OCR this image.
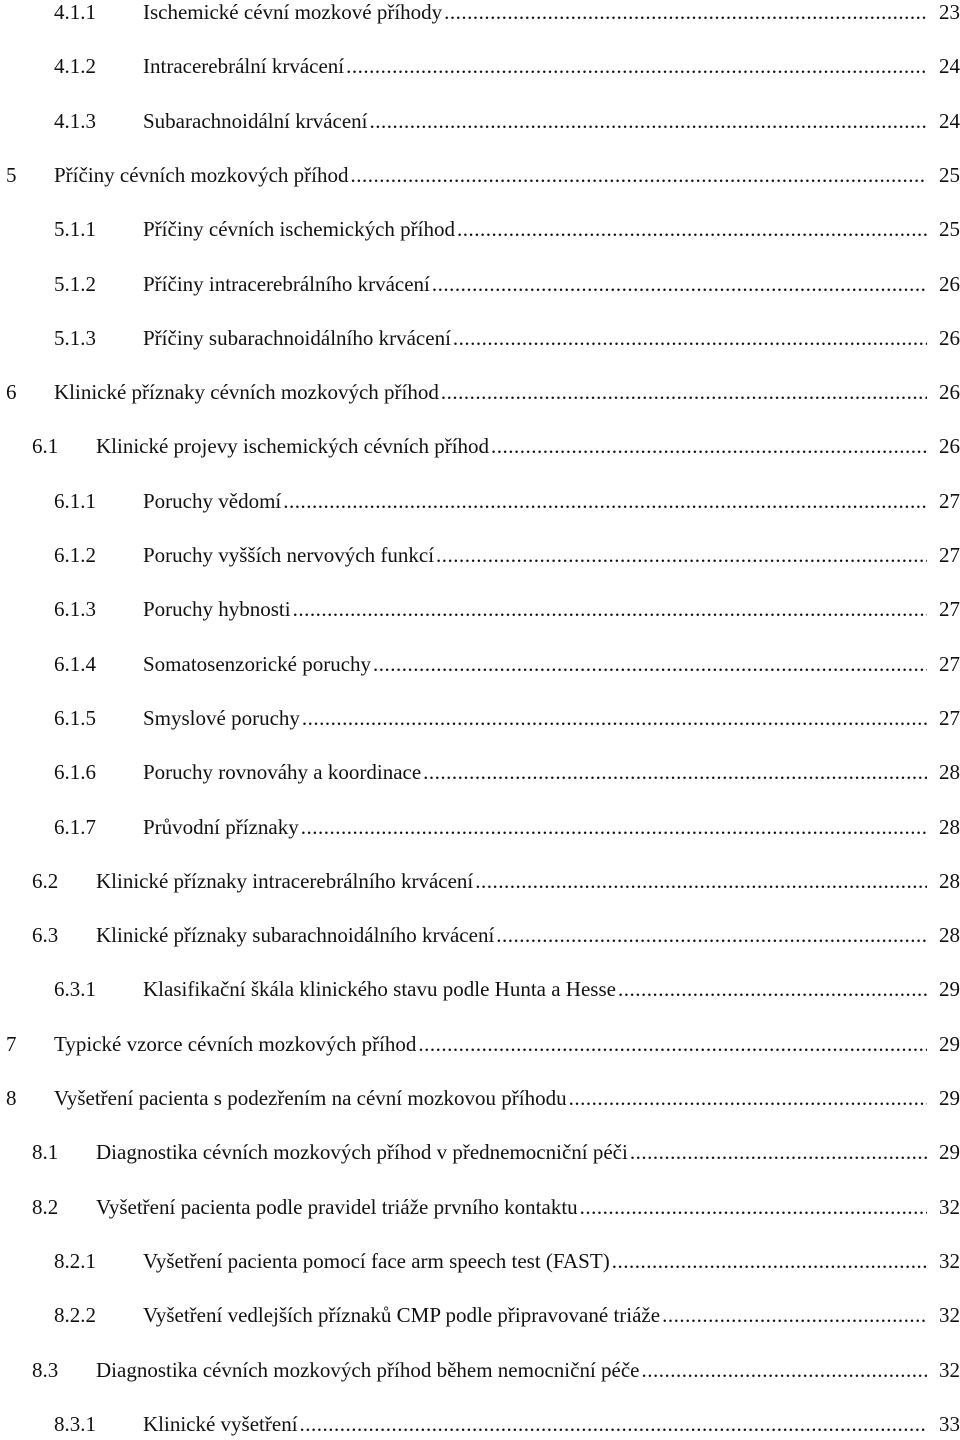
4.1.1 Ischemické cévní mozkové příhody .....	23
4.1.2 Intracerebrální krvácení .....	24
4.1.3 Subarachnoidální krvácení .....	24
5 Příčiny cévních mozkových příhod .....	25
5.1.1 Příčiny cévních ischemických příhod .....	25
5.1.2 Příčiny intracerebrálního krvácení .....	26
5.1.3 Příčiny subarachnoidálního krvácení .....	26
6 Klinické příznaky cévních mozkových příhod .....	26
6.1 Klinické projevy ischemických cévních příhod .....	26
6.1.1 Poruchy vědomí .....	27
6.1.2 Poruchy vyšších nervových funkcí .....	27
6.1.3 Poruchy hybnosti .....	27
6.1.4 Somatosenzorické poruchy .....	27
6.1.5 Smyslové poruchy .....	27
6.1.6 Poruchy rovnováhy a koordinace .....	28
6.1.7 Průvodní příznaky .....	28
6.2 Klinické příznaky intracerebrálního krvácení .....	28
6.3 Klinické příznaky subarachnoidálního krvácení .....	28
6.3.1 Klasifikační škála klinického stavu podle Hunta a Hesse .....	29
7 Typické vzorce cévních mozkových příhod .....	29
8 Vyšetření pacienta s podezřením na cévní mozkovou příhodu .....	29
8.1 Diagnostika cévních mozkových příhod v přednemocniční péči .....	29
8.2 Vyšetření pacienta podle pravidel triáže prvního kontaktu .....	32
8.2.1 Vyšetření pacienta pomocí face arm speech test (FAST) .....	32
8.2.2 Vyšetření vedlejších příznaků CMP podle připravované triáže .....	32
8.3 Diagnostika cévních mozkových příhod během nemocniční péče .....	32
8.3.1 Klinické vyšetření .....	33
